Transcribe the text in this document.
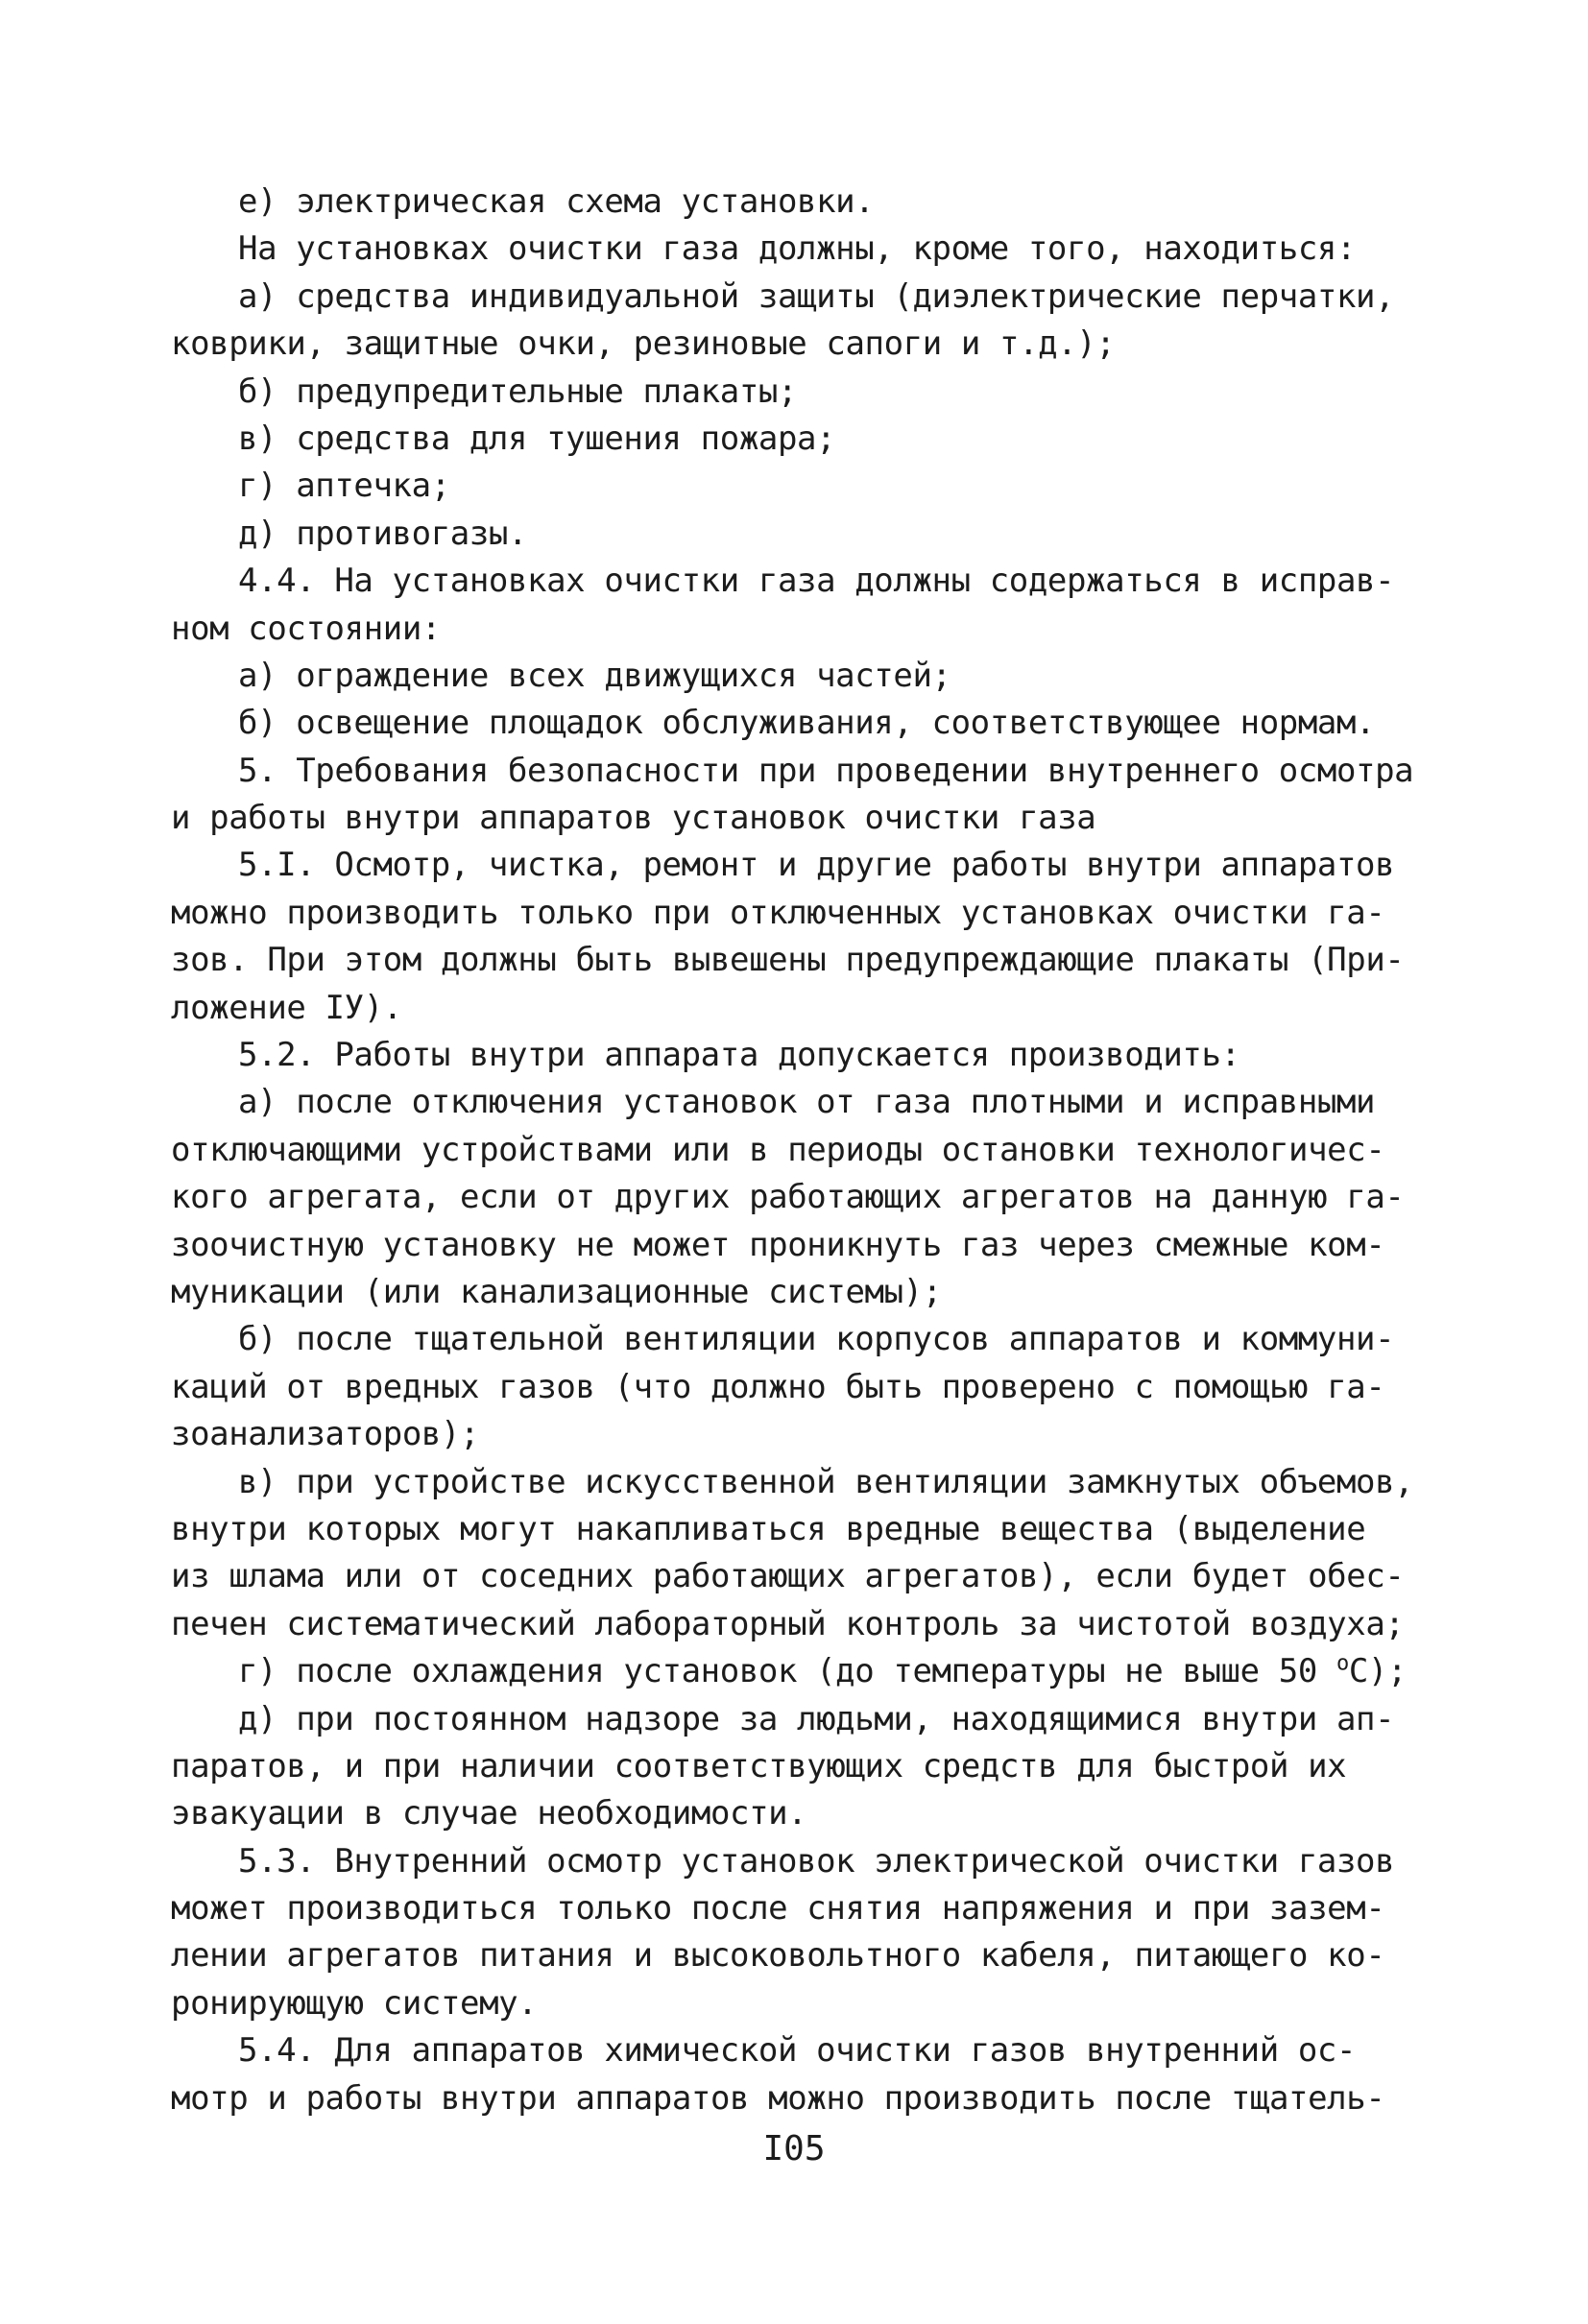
е) электрическая схема установки.
На установках очистки газа должны, кроме того, находиться:
а) средства индивидуальной защиты (диэлектрические перчатки,
коврики, защитные очки, резиновые сапоги и т.д.);
б) предупредительные плакаты;
в) средства для тушения пожара;
г) аптечка;
д) противогазы.
4.4. На установках очистки газа должны содержаться в исправ-
ном состоянии:
а) ограждение всех движущихся частей;
б) освещение площадок обслуживания, соответствующее нормам.
5. Требования безопасности при проведении внутреннего осмотра
и работы внутри аппаратов установок очистки газа
5.I. Осмотр, чистка, ремонт и другие работы внутри аппаратов
можно производить только при отключенных установках очистки га-
зов. При этом должны быть вывешены предупреждающие плакаты (При-
ложение IУ).
5.2. Работы внутри аппарата допускается производить:
а) после отключения установок от газа плотными и исправными
отключающими устройствами или в периоды остановки технологичес-
кого агрегата, если от других работающих агрегатов на данную га-
зоочистную установку не может проникнуть газ через смежные ком-
муникации (или канализационные системы);
б) после тщательной вентиляции корпусов аппаратов и коммуни-
каций от вредных газов (что должно быть проверено с помощью га-
зоанализаторов);
в) при устройстве искусственной вентиляции замкнутых объемов,
внутри которых могут накапливаться вредные вещества (выделение
из шлама или от соседних работающих агрегатов), если будет обес-
печен систематический лабораторный контроль за чистотой воздуха;
г) после охлаждения установок (до температуры не выше 50 $^о$С);
д) при постоянном надзоре за людьми, находящимися внутри ап-
паратов, и при наличии соответствующих средств для быстрой их
эвакуации в случае необходимости.
5.3. Внутренний осмотр установок электрической очистки газов
может производиться только после снятия напряжения и при зазем-
лении агрегатов питания и высоковольтного кабеля, питающего ко-
ронирующую систему.
5.4. Для аппаратов химической очистки газов внутренний ос-
мотр и работы внутри аппаратов можно производить после тщатель-
I05
